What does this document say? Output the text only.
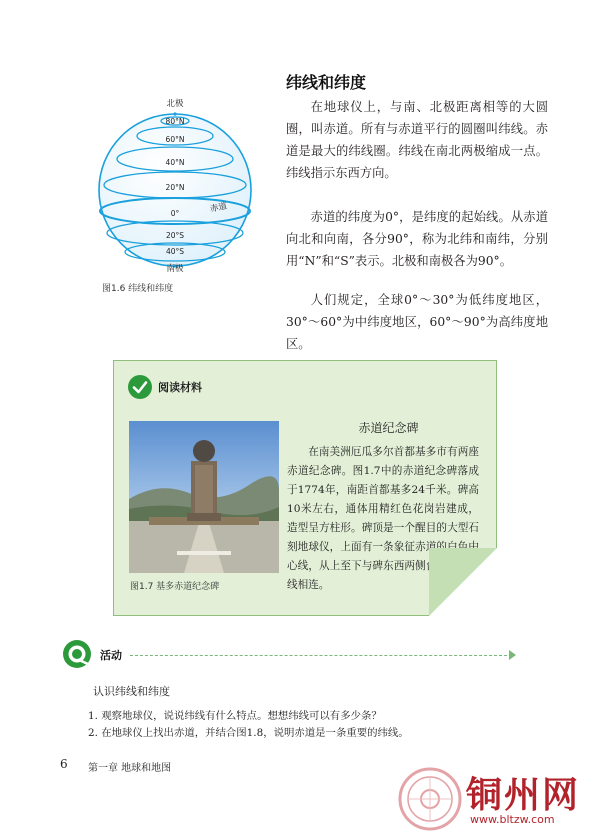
北极
80°N
60°N
40°N
20°N
0°
20°S
40°S
南极
赤道
图1.6 纬线和纬度
纬线和纬度
在地球仪上，与南、北极距离相等的大圆圈，叫赤道。所有与赤道平行的圆圈叫纬线。赤道是最大的纬线圈。纬线在南北两极缩成一点。纬线指示东西方向。
赤道的纬度为0°，是纬度的起始线。从赤道向北和向南，各分90°，称为北纬和南纬，分别用“N”和“S”表示。北极和南极各为90°。
人们规定，全球0°～30°为低纬度地区，30°～60°为中纬度地区，60°～90°为高纬度地区。
阅读材料
图1.7 基多赤道纪念碑
赤道纪念碑
在南美洲厄瓜多尔首都基多市有两座赤道纪念碑。图1.7中的赤道纪念碑落成于1774年，南距首都基多24千米。碑高10米左右，通体用精红色花岗岩建成，造型呈方柱形。碑顶是一个醒目的大型石刻地球仪，上面有一条象征赤道的白色中心线，从上至下与碑东西两侧台阶上的白线相连。
活动
认识纬线和纬度
1. 观察地球仪，说说纬线有什么特点。想想纬线可以有多少条？
2. 在地球仪上找出赤道，并结合图1.8，说明赤道是一条重要的纬线。
6 第一章 地球和地图
铜州网
www.bltzw.com
